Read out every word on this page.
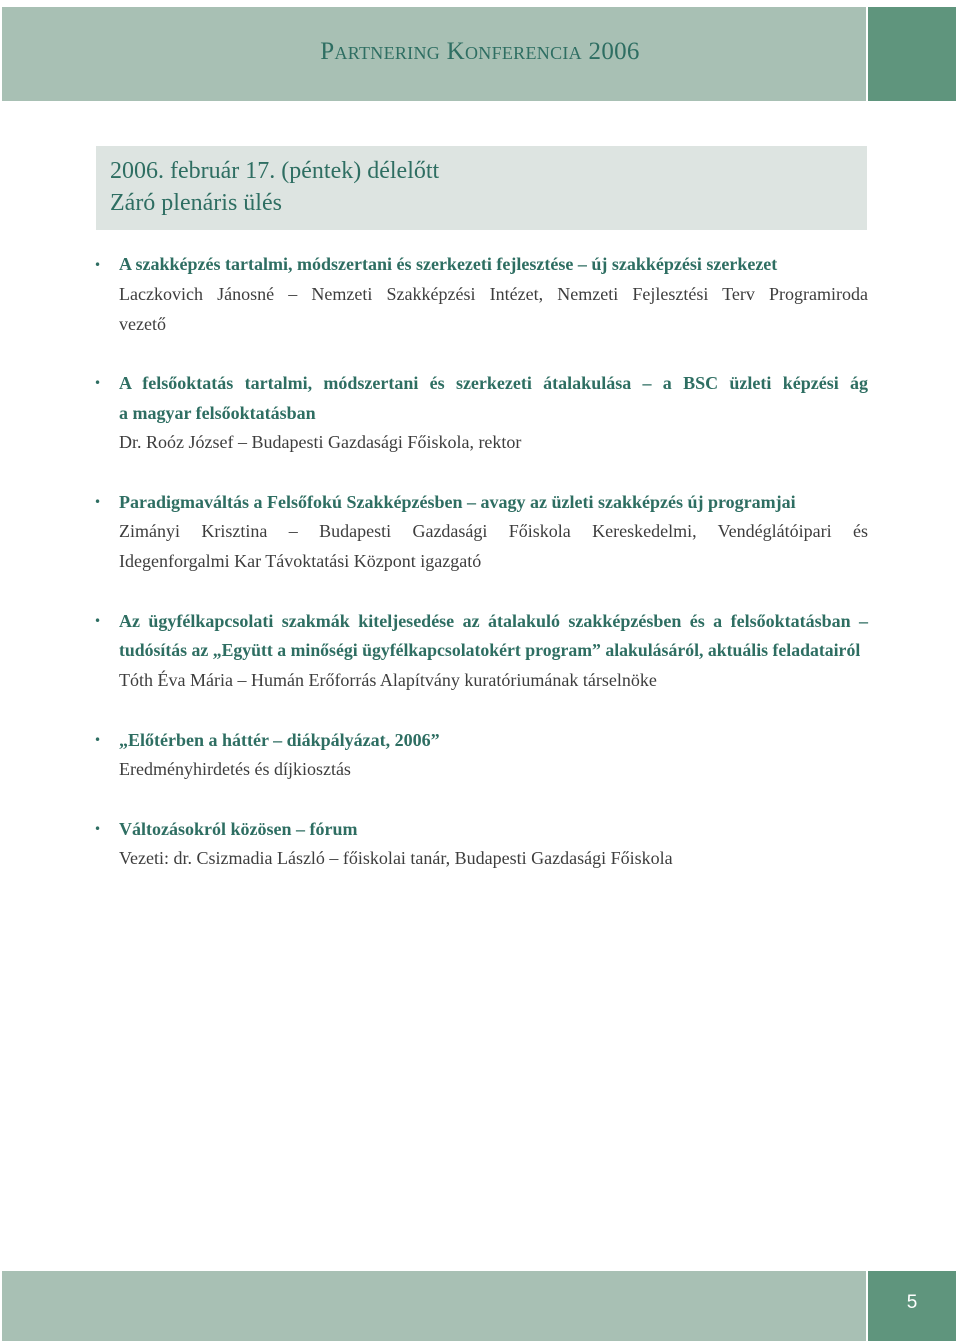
Partnering Konferencia 2006
2006. február 17. (péntek) délelőtt
Záró plenáris ülés
• A szakképzés tartalmi, módszertani és szerkezeti fejlesztése – új szakképzési szerkezet
Laczkovich Jánosné – Nemzeti Szakképzési Intézet, Nemzeti Fejlesztési Terv Programiroda
vezető
• A felsőoktatás tartalmi, módszertani és szerkezeti átalakulása – a BSC üzleti képzési ág
a magyar felsőoktatásban
Dr. Roóz József – Budapesti Gazdasági Főiskola, rektor
• Paradigmaváltás a Felsőfokú Szakképzésben – avagy az üzleti szakképzés új programjai
Zimányi Krisztina – Budapesti Gazdasági Főiskola Kereskedelmi, Vendéglátóipari és
Idegenforgalmi Kar Távoktatási Központ igazgató
• Az ügyfélkapcsolati szakmák kiteljesedése az átalakuló szakképzésben és a felsőoktatásban –
tudósítás az „Együtt a minőségi ügyfélkapcsolatokért program” alakulásáról, aktuális feladatairól
Tóth Éva Mária – Humán Erőforrás Alapítvány kuratóriumának társelnöke
• „Előtérben a háttér – diákpályázat, 2006”
Eredményhirdetés és díjkiosztás
• Változásokról közösen – fórum
Vezeti: dr. Csizmadia László – főiskolai tanár, Budapesti Gazdasági Főiskola
5
